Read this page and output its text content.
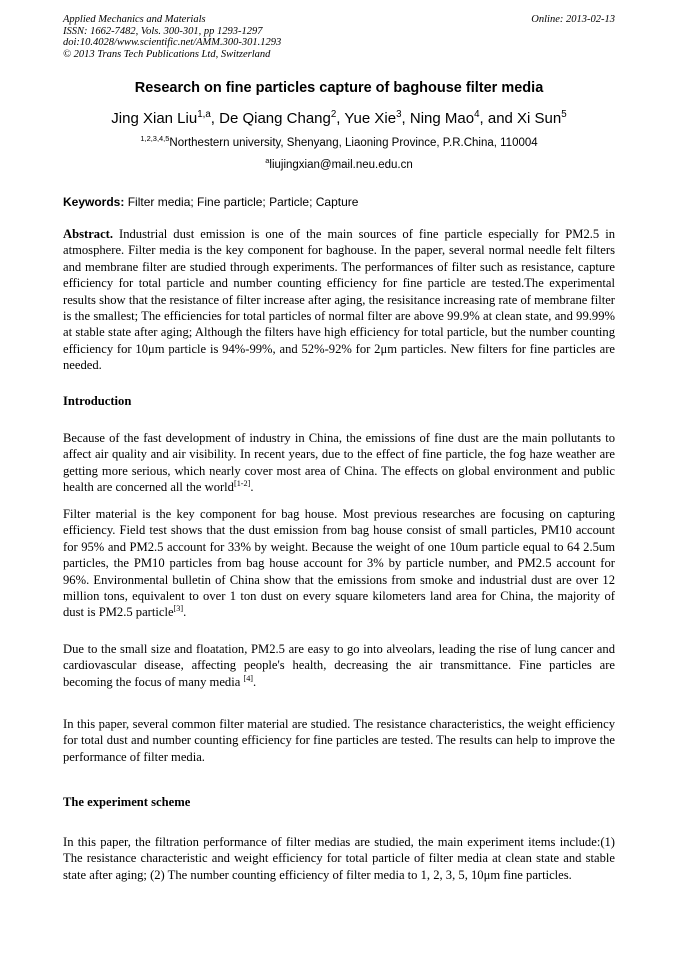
Applied Mechanics and Materials
ISSN: 1662-7482, Vols. 300-301, pp 1293-1297
doi:10.4028/www.scientific.net/AMM.300-301.1293
© 2013 Trans Tech Publications Ltd, Switzerland
Online: 2013-02-13
Research on fine particles capture of baghouse filter media
Jing Xian Liu$^{1,a}$, De Qiang Chang$^2$, Yue Xie$^3$, Ning Mao$^4$, and Xi Sun$^5$
$^{1,2,3,4,5}$Northestern university, Shenyang, Liaoning Province, P.R.China, 110004
$^a$liujingxian@mail.neu.edu.cn
Keywords: Filter media; Fine particle; Particle; Capture
Abstract. Industrial dust emission is one of the main sources of fine particle especially for PM2.5 in atmosphere. Filter media is the key component for baghouse. In the paper, several normal needle felt filters and membrane filter are studied through experiments. The performances of filter such as resistance, capture efficiency for total particle and number counting efficiency for fine particle are tested.The experimental results show that the resistance of filter increase after aging, the resisitance increasing rate of membrane filter is the smallest; The efficiencies for total particles of normal filter are above 99.9% at clean state, and 99.99% at stable state after aging; Although the filters have high efficiency for total particle, but the number counting efficiency for 10μm particle is 94%-99%, and 52%-92% for 2μm particles. New filters for fine particles are needed.
Introduction
Because of the fast development of industry in China, the emissions of fine dust are the main pollutants to affect air quality and air visibility. In recent years, due to the effect of fine particle, the fog haze weather are getting more serious, which nearly cover most area of China. The effects on global environment and public health are concerned all the world[1-2].
Filter material is the key component for bag house. Most previous researches are focusing on capturing efficiency. Field test shows that the dust emission from bag house consist of small particles, PM10 account for 95% and PM2.5 account for 33% by weight. Because the weight of one 10um particle equal to 64 2.5um particles, the PM10 particles from bag house account for 3% by particle number, and PM2.5 account for 96%. Environmental bulletin of China show that the emissions from smoke and industrial dust are over 12 million tons, equivalent to over 1 ton dust on every square kilometers land area for China, the majority of dust is PM2.5 particle[3].
Due to the small size and floatation, PM2.5 are easy to go into alveolars, leading the rise of lung cancer and cardiovascular disease, affecting people's health, decreasing the air transmittance. Fine particles are becoming the focus of many media [4].
In this paper, several common filter material are studied. The resistance characteristics, the weight efficiency for total dust and number counting efficiency for fine particles are tested. The results can help to improve the performance of filter media.
The experiment scheme
In this paper, the filtration performance of filter medias are studied, the main experiment items include:(1) The resistance characteristic and weight efficiency for total particle of filter media at clean state and stable state after aging; (2) The number counting efficiency of filter media to 1, 2, 3, 5, 10μm fine particles.
